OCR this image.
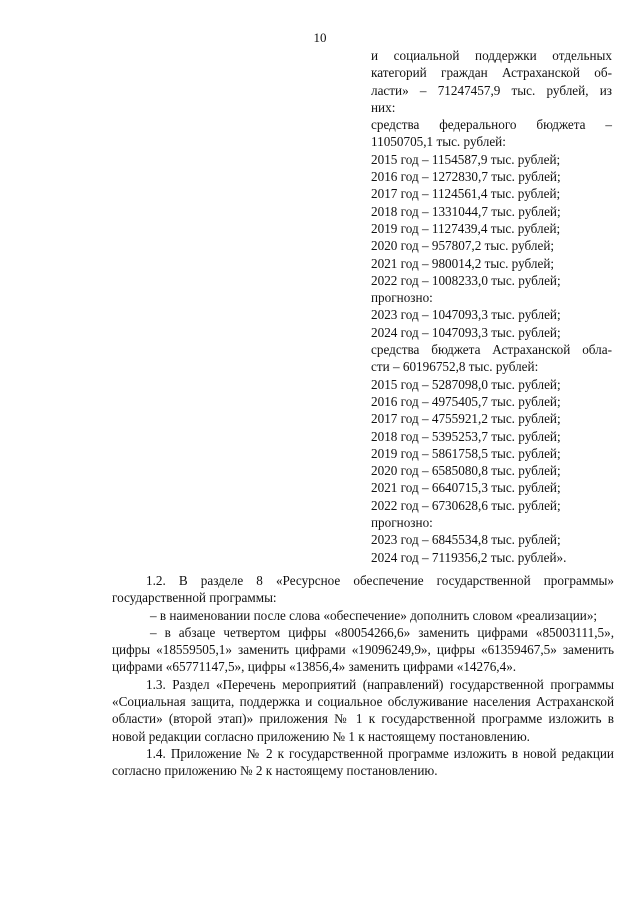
10
и социальной поддержки отдельных
категорий граждан Астраханской об-
ласти» – 71247457,9 тыс. рублей, из
них:
средства федерального бюджета –
11050705,1 тыс. рублей:
2015 год – 1154587,9 тыс. рублей;
2016 год – 1272830,7 тыс. рублей;
2017 год – 1124561,4 тыс. рублей;
2018 год – 1331044,7 тыс. рублей;
2019 год – 1127439,4 тыс. рублей;
2020 год – 957807,2 тыс. рублей;
2021 год – 980014,2 тыс. рублей;
2022 год – 1008233,0 тыс. рублей;
прогнозно:
2023 год – 1047093,3 тыс. рублей;
2024 год – 1047093,3 тыс. рублей;
средства бюджета Астраханской обла-
сти – 60196752,8 тыс. рублей:
2015 год – 5287098,0 тыс. рублей;
2016 год – 4975405,7 тыс. рублей;
2017 год – 4755921,2 тыс. рублей;
2018 год – 5395253,7 тыс. рублей;
2019 год – 5861758,5 тыс. рублей;
2020 год – 6585080,8 тыс. рублей;
2021 год – 6640715,3 тыс. рублей;
2022 год – 6730628,6 тыс. рублей;
прогнозно:
2023 год – 6845534,8 тыс. рублей;
2024 год – 7119356,2 тыс. рублей».

1.2. В разделе 8 «Ресурсное обеспечение государственной программы» государственной программы:

– в наименовании после слова «обеспечение» дополнить словом «реализации»;

– в абзаце четвертом цифры «80054266,6» заменить цифрами «85003111,5», цифры «18559505,1» заменить цифрами «19096249,9», цифры «61359467,5» заменить цифрами «65771147,5», цифры «13856,4» заменить цифрами «14276,4».

1.3. Раздел «Перечень мероприятий (направлений) государственной программы «Социальная защита, поддержка и социальное обслуживание населения Астраханской области» (второй этап)» приложения № 1 к государственной программе изложить в новой редакции согласно приложению № 1 к настоящему постановлению.

1.4. Приложение № 2 к государственной программе изложить в новой редакции согласно приложению № 2 к настоящему постановлению.
